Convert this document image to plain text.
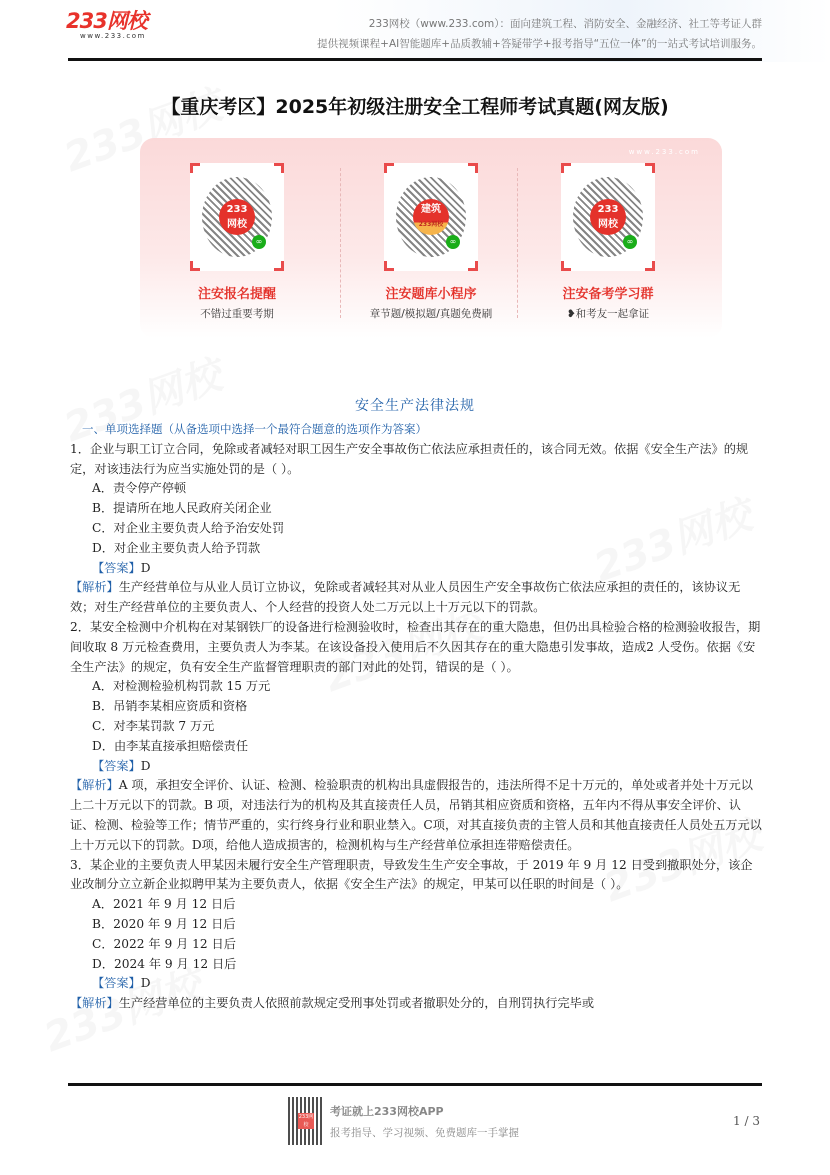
233网校
www.233.com
233网校（www.233.com）：面向建筑工程、消防安全、金融经济、社工等考证人群
提供视频课程+AI智能题库+品质教辅+答疑带学+报考指导“五位一体”的一站式考试培训服务。
【重庆考区】2025年初级注册安全工程师考试真题(网友版)
www.233.com
233
网校
∞
注安报名提醒
不错过重要考期
建筑
233网校
∞
注安题库小程序
章节题/模拟题/真题免费刷
233
网校
∞
注安备考学习群
❥和考友一起拿证
安全生产法律法规

一、单项选择题（从备选项中选择一个最符合题意的选项作为答案）

1．企业与职工订立合同，免除或者减轻对职工因生产安全事故伤亡依法应承担责任的，该合同无效。依据《安全生产法》的规定，对该违法行为应当实施处罚的是（ ）。

A．责令停产停顿

B．提请所在地人民政府关闭企业

C．对企业主要负责人给予治安处罚

D．对企业主要负责人给予罚款

【答案】D

【解析】生产经营单位与从业人员订立协议，免除或者减轻其对从业人员因生产安全事故伤亡依法应承担的责任的，该协议无效；对生产经营单位的主要负责人、个人经营的投资人处二万元以上十万元以下的罚款。

2．某安全检测中介机构在对某钢铁厂的设备进行检测验收时，检查出其存在的重大隐患，但仍出具检验合格的检测验收报告，期间收取 8 万元检查费用，主要负责人为李某。在该设备投入使用后不久因其存在的重大隐患引发事故，造成2 人受伤。依据《安全生产法》的规定，负有安全生产监督管理职责的部门对此的处罚，错误的是（ ）。

A．对检测检验机构罚款 15 万元

B．吊销李某相应资质和资格

C．对李某罚款 7 万元

D．由李某直接承担赔偿责任

【答案】D

【解析】A 项，承担安全评价、认证、检测、检验职责的机构出具虚假报告的，违法所得不足十万元的，单处或者并处十万元以上二十万元以下的罚款。B 项，对违法行为的机构及其直接责任人员，吊销其相应资质和资格，五年内不得从事安全评价、认证、检测、检验等工作；情节严重的，实行终身行业和职业禁入。C项，对其直接负责的主管人员和其他直接责任人员处五万元以上十万元以下的罚款。D项，给他人造成损害的，检测机构与生产经营单位承担连带赔偿责任。

3．某企业的主要负责人甲某因未履行安全生产管理职责，导致发生生产安全事故，于 2019 年 9 月 12 日受到撤职处分，该企业改制分立立新企业拟聘甲某为主要负责人，依据《安全生产法》的规定，甲某可以任职的时间是（ ）。

A．2021 年 9 月 12 日后

B．2020 年 9 月 12 日后

C．2022 年 9 月 12 日后

D．2024 年 9 月 12 日后

【答案】D

【解析】生产经营单位的主要负责人依照前款规定受刑事处罚或者撤职处分的，自刑罚执行完毕或

233网校
考证就上233网校APP
报考指导、学习视频、免费题库一手掌握
1 / 3
